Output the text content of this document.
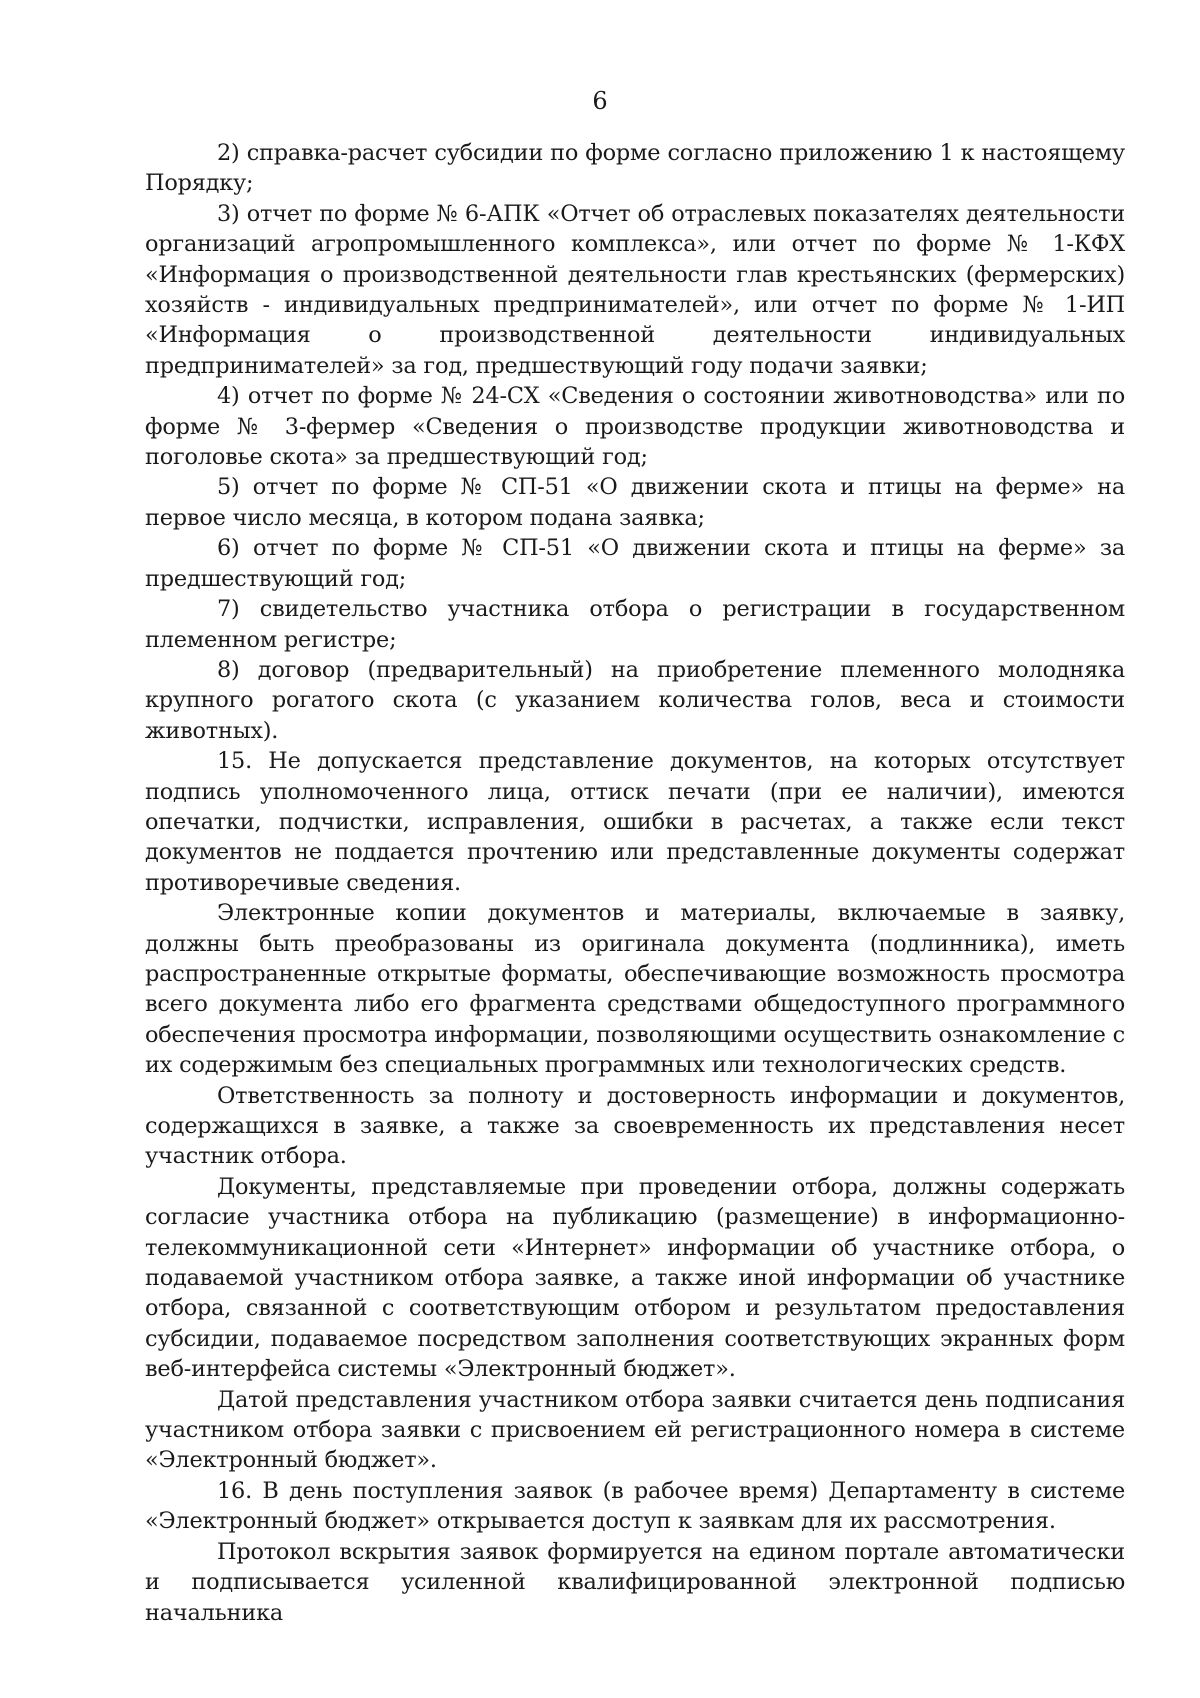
6

2) справка-расчет субсидии по форме согласно приложению 1 к настоящему Порядку;

3) отчет по форме № 6-АПК «Отчет об отраслевых показателях деятельности организаций агропромышленного комплекса», или отчет по форме № 1-КФХ «Информация о производственной деятельности глав крестьянских (фермерских) хозяйств - индивидуальных предпринимателей», или отчет по форме № 1-ИП «Информация о производственной деятельности индивидуальных предпринимателей» за год, предшествующий году подачи заявки;

4) отчет по форме № 24-СХ «Сведения о состоянии животноводства» или по форме № 3-фермер «Сведения о производстве продукции животноводства и поголовье скота» за предшествующий год;

5) отчет по форме № СП-51 «О движении скота и птицы на ферме» на первое число месяца, в котором подана заявка;

6) отчет по форме № СП-51 «О движении скота и птицы на ферме» за предшествующий год;

7) свидетельство участника отбора о регистрации в государственном племенном регистре;

8) договор (предварительный) на приобретение племенного молодняка крупного рогатого скота (с указанием количества голов, веса и стоимости животных).

15. Не допускается представление документов, на которых отсутствует подпись уполномоченного лица, оттиск печати (при ее наличии), имеются опечатки, подчистки, исправления, ошибки в расчетах, а также если текст документов не поддается прочтению или представленные документы содержат противоречивые сведения.

Электронные копии документов и материалы, включаемые в заявку, должны быть преобразованы из оригинала документа (подлинника), иметь распространенные открытые форматы, обеспечивающие возможность просмотра всего документа либо его фрагмента средствами общедоступного программного обеспечения просмотра информации, позволяющими осуществить ознакомление с их содержимым без специальных программных или технологических средств.

Ответственность за полноту и достоверность информации и документов, содержащихся в заявке, а также за своевременность их представления несет участник отбора.

Документы, представляемые при проведении отбора, должны содержать согласие участника отбора на публикацию (размещение) в информационно-телекоммуникационной сети «Интернет» информации об участнике отбора, о подаваемой участником отбора заявке, а также иной информации об участнике отбора, связанной с соответствующим отбором и результатом предоставления субсидии, подаваемое посредством заполнения соответствующих экранных форм веб-интерфейса системы «Электронный бюджет».

Датой представления участником отбора заявки считается день подписания участником отбора заявки с присвоением ей регистрационного номера в системе «Электронный бюджет».

16. В день поступления заявок (в рабочее время) Департаменту в системе «Электронный бюджет» открывается доступ к заявкам для их рассмотрения.

Протокол вскрытия заявок формируется на едином портале автоматически и подписывается усиленной квалифицированной электронной подписью начальника
